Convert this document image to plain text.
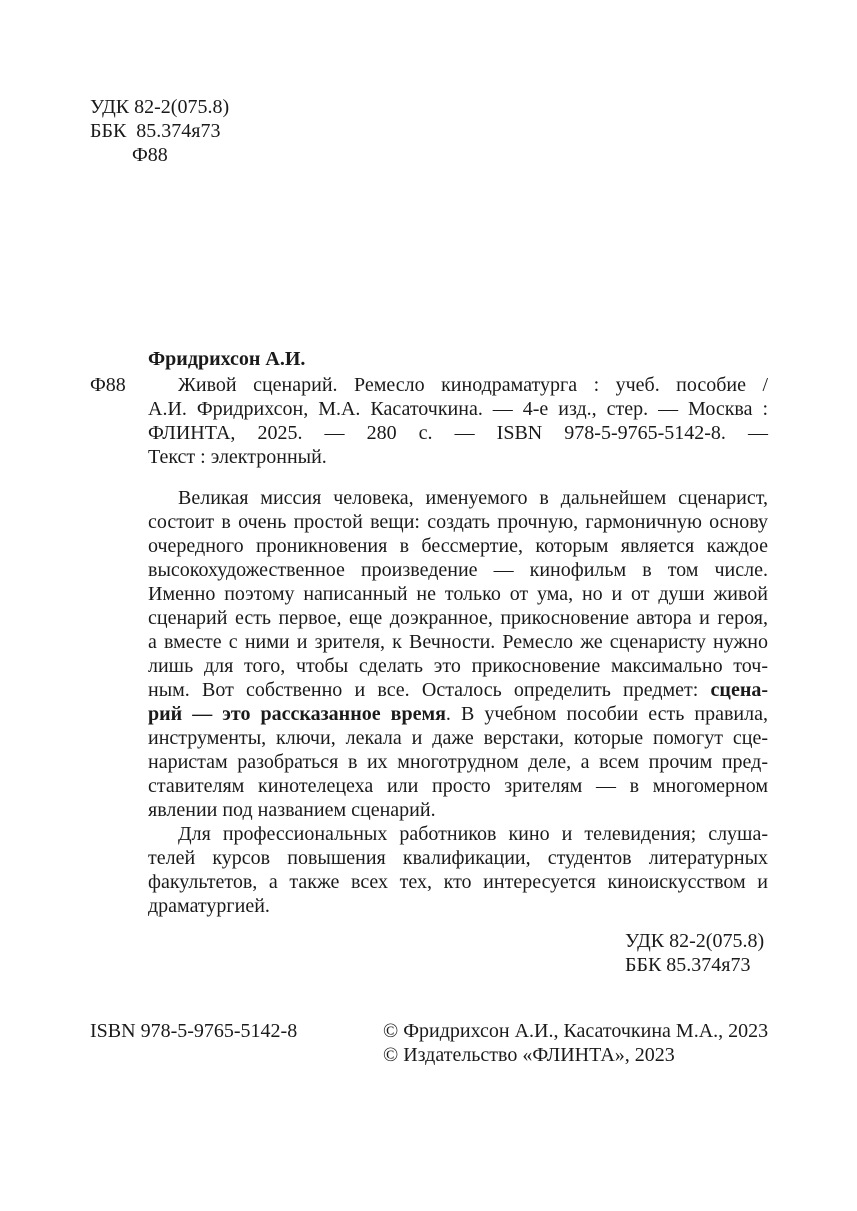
УДК 82-2(075.8)
ББК  85.374я73
Ф88
Фридрихсон А.И.
Ф88	Живой сценарий. Ремесло кинодраматурга : учеб. пособие /
А.И. Фридрихсон, М.А. Касаточкина. — 4-е изд., стер. — Москва :
ФЛИНТА, 2025. — 280 с. — ISBN 978-5-9765-5142-8. —
Текст : электронный.
Великая миссия человека, именуемого в дальнейшем сценарист,
состоит в очень простой вещи: создать прочную, гармоничную основу
очередного проникновения в бессмертие, которым является каждое
высокохудожественное произведение — кинофильм в том числе.
Именно поэтому написанный не только от ума, но и от души живой
сценарий есть первое, еще доэкранное, прикосновение автора и героя,
а вместе с ними и зрителя, к Вечности. Ремесло же сценаристу нужно
лишь для того, чтобы сделать это прикосновение максимально точ-
ным. Вот собственно и все. Осталось определить предмет: сцена-
рий — это рассказанное время. В учебном пособии есть правила,
инструменты, ключи, лекала и даже верстаки, которые помогут сце-
наристам разобраться в их многотрудном деле, а всем прочим пред-
ставителям кинотелецеха или просто зрителям — в многомерном
явлении под названием сценарий.
Для профессиональных работников кино и телевидения; слуша-
телей курсов повышения квалификации, студентов литературных
факультетов, а также всех тех, кто интересуется киноискусством и
драматургией.
УДК 82-2(075.8)
ББК 85.374я73
ISBN 978-5-9765-5142-8	© Фридрихсон А.И., Касаточкина М.А., 2023
© Издательство «ФЛИНТА», 2023
